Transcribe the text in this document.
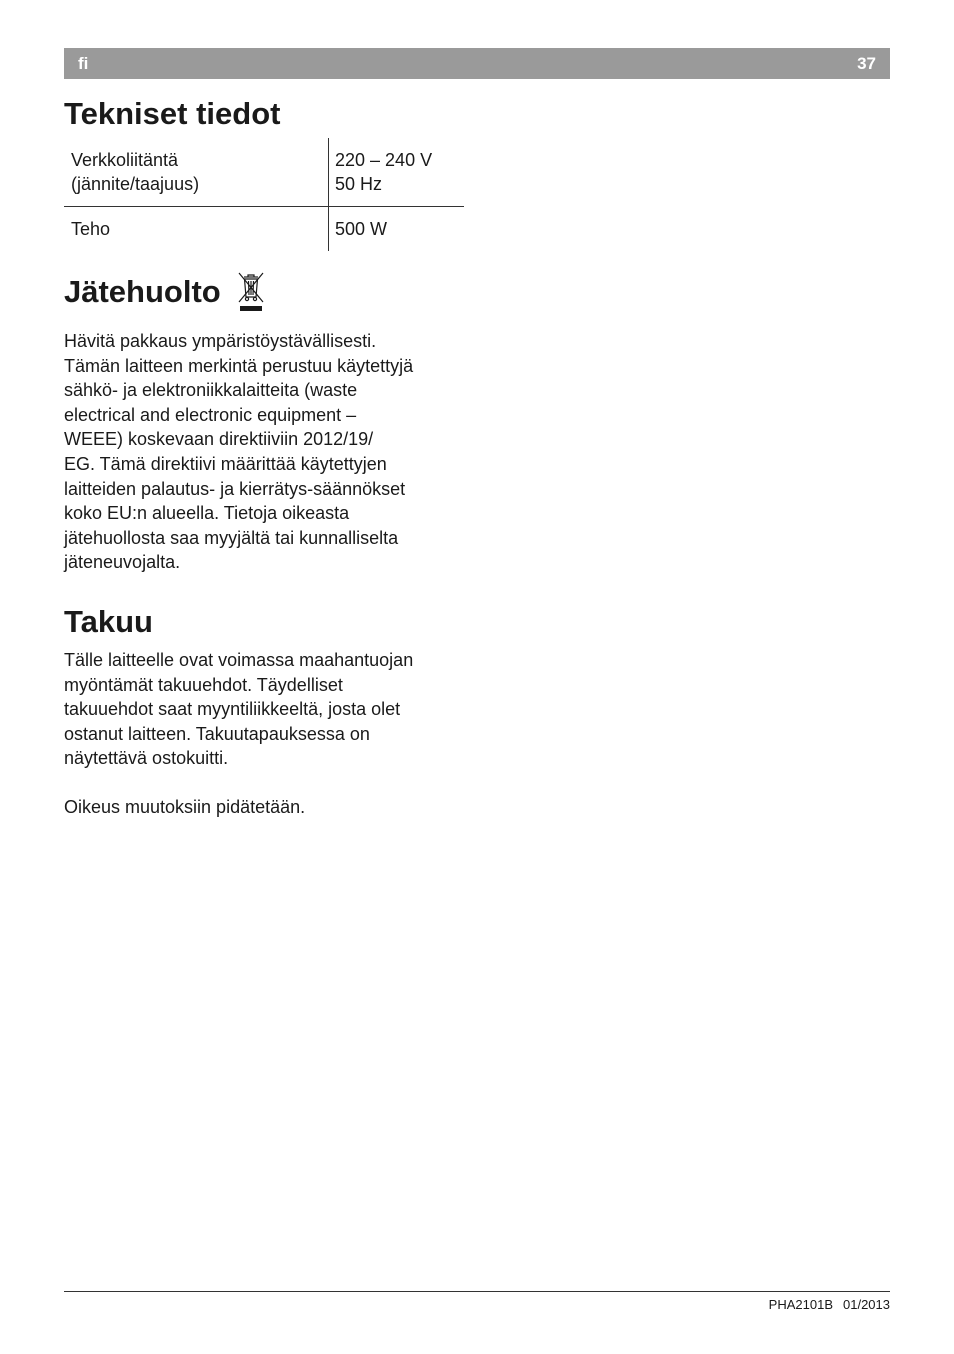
fi	37
Tekniset tiedot
Verkkoliitäntä
(jännite/taajuus)
220 – 240 V
50 Hz
Teho	500 W
Jätehuolto

Hävitä pakkaus ympäristöystävällisesti.
Tämän laitteen merkintä perustuu käytettyjä
sähkö- ja elektroniikkalaitteita (waste
electrical and electronic equipment –
WEEE) koskevaan direktiiviin 2012/19/
EG. Tämä direktiivi määrittää käytettyjen
laitteiden palautus- ja kierrätys-säännökset
koko EU:n alueella. Tietoja oikeasta
jätehuollosta saa myyjältä tai kunnalliselta
jäteneuvojalta.

Takuu

Tälle laitteelle ovat voimassa maahantuojan
myöntämät takuuehdot. Täydelliset
takuuehdot saat myyntiliikkeeltä, josta olet
ostanut laitteen. Takuutapauksessa on
näytettävä ostokuitti.

Oikeus muutoksiin pidätetään.

PHA2101B 01/2013
